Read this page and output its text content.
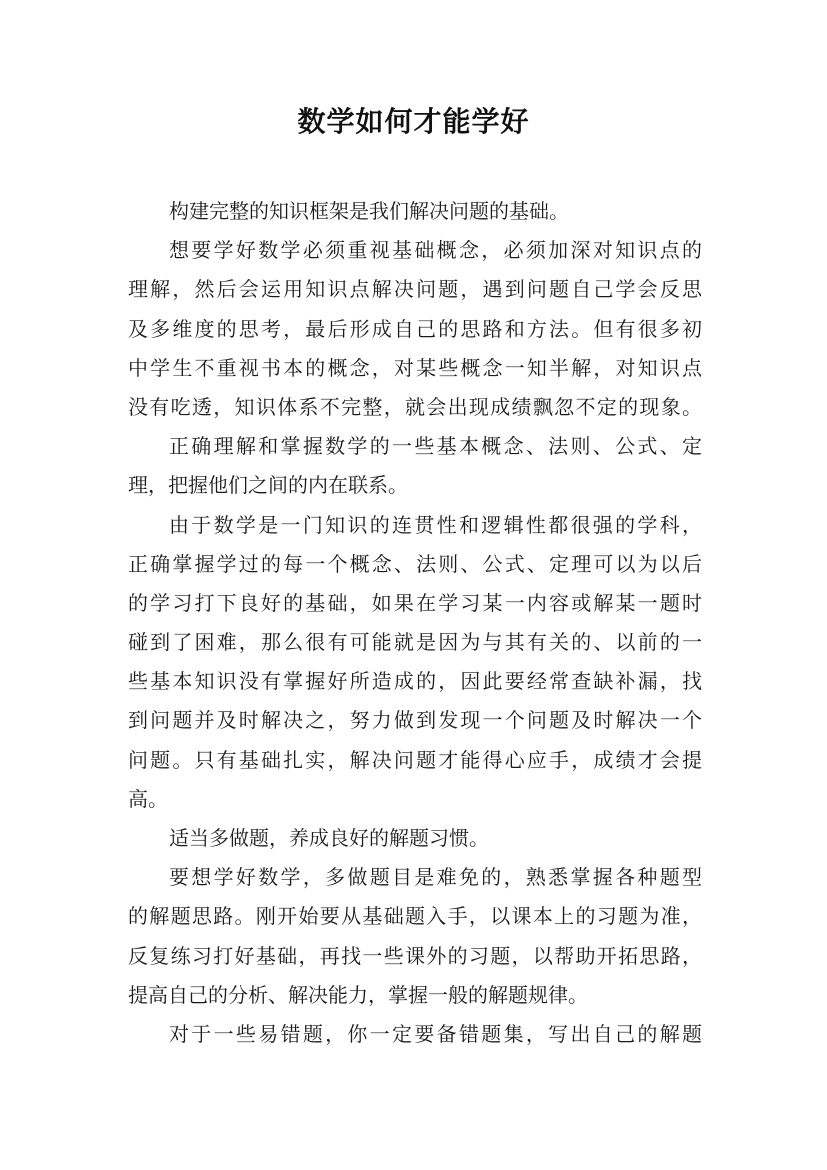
数学如何才能学好
构建完整的知识框架是我们解决问题的基础。
想要学好数学必须重视基础概念，必须加深对知识点的
理解，然后会运用知识点解决问题，遇到问题自己学会反思
及多维度的思考，最后形成自己的思路和方法。但有很多初
中学生不重视书本的概念，对某些概念一知半解，对知识点
没有吃透，知识体系不完整，就会出现成绩飘忽不定的现象。
正确理解和掌握数学的一些基本概念、法则、公式、定
理，把握他们之间的内在联系。
由于数学是一门知识的连贯性和逻辑性都很强的学科，
正确掌握学过的每一个概念、法则、公式、定理可以为以后
的学习打下良好的基础，如果在学习某一内容或解某一题时
碰到了困难，那么很有可能就是因为与其有关的、以前的一
些基本知识没有掌握好所造成的，因此要经常查缺补漏，找
到问题并及时解决之，努力做到发现一个问题及时解决一个
问题。只有基础扎实，解决问题才能得心应手，成绩才会提
高。
适当多做题，养成良好的解题习惯。
要想学好数学，多做题目是难免的，熟悉掌握各种题型
的解题思路。刚开始要从基础题入手，以课本上的习题为准，
反复练习打好基础，再找一些课外的习题，以帮助开拓思路，
提高自己的分析、解决能力，掌握一般的解题规律。
对于一些易错题，你一定要备错题集，写出自己的解题
